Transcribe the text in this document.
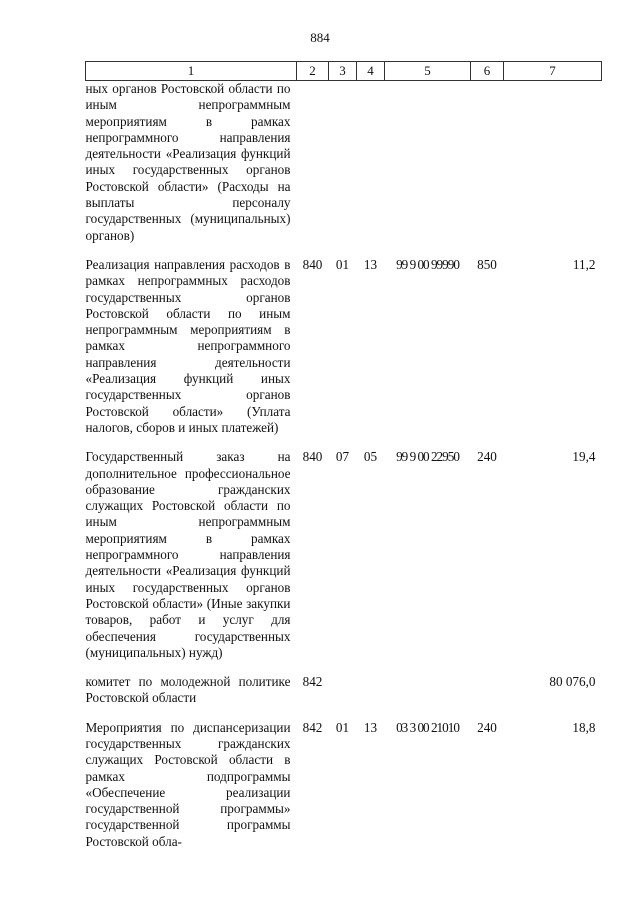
884
1	2	3	4	5	6	7
ных органов Ростовской области по иным непрограммным мероприятиям в рамках непрограммного направления деятельности «Реализация функций иных государственных органов Ростовской области» (Расходы на выплаты персоналу государственных (муниципальных) органов)						
Реализация направления расходов в рамках непрограммных расходов государственных органов Ростовской области по иным непрограммным мероприятиям в рамках непрограммного направления деятельности «Реализация функций иных государственных органов Ростовской области» (Уплата налогов, сборов и иных платежей)	840	01	13	99 9 00 99990	850	11,2
Государственный заказ на дополнительное профессиональное образование гражданских служащих Ростовской области по иным непрограммным мероприятиям в рамках непрограммного направления деятельности «Реализация функций иных государственных органов Ростовской области» (Иные закупки товаров, работ и услуг для обеспечения государственных (муниципальных) нужд)	840	07	05	99 9 00 22950	240	19,4
комитет по молодежной политике Ростовской области	842					80 076,0
Мероприятия по диспансеризации государственных гражданских служащих Ростовской области в рамках подпрограммы «Обеспечение реализации государственной программы» государственной программы Ростовской обла-	842	01	13	03 3 00 21010	240	18,8
